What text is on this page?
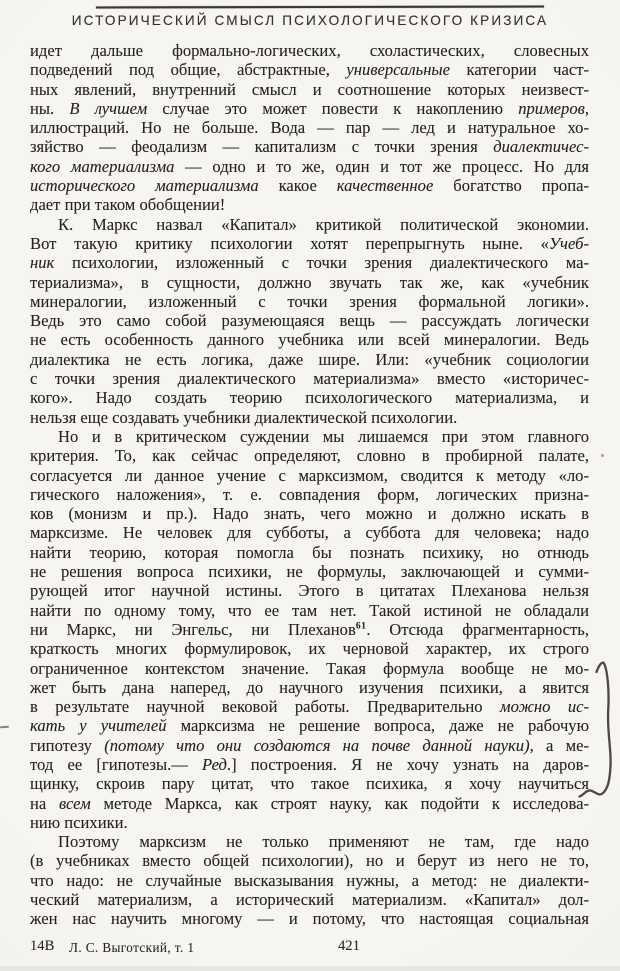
ИСТОРИЧЕСКИЙ СМЫСЛ ПСИХОЛОГИЧЕСКОГО КРИЗИСА
идет дальше формально-логических, схоластических, словесных
подведений под общие, абстрактные, универсальные категории част-
ных явлений, внутренний смысл и соотношение которых неизвест-
ны. В лучшем случае это может повести к накоплению примеров,
иллюстраций. Но не больше. Вода — пар — лед и натуральное хо-
зяйство — феодализм — капитализм с точки зрения диалектичес-
кого материализма — одно и то же, один и тот же процесс. Но для
исторического материализма какое качественное богатство пропа-
дает при таком обобщении!
К. Маркс назвал «Капитал» критикой политической экономии.
Вот такую критику психологии хотят перепрыгнуть ныне. «Учеб-
ник психологии, изложенный с точки зрения диалектического ма-
териализма», в сущности, должно звучать так же, как «учебник
минералогии, изложенный с точки зрения формальной логики».
Ведь это само собой разумеющаяся вещь — рассуждать логически
не есть особенность данного учебника или всей минералогии. Ведь
диалектика не есть логика, даже шире. Или: «учебник социологии
с точки зрения диалектического материализма» вместо «историчес-
кого». Надо создать теорию психологического материализма, и
нельзя еще создавать учебники диалектической психологии.
Но и в критическом суждении мы лишаемся при этом главного
критерия. То, как сейчас определяют, словно в пробирной палате,
согласуется ли данное учение с марксизмом, сводится к методу «ло-
гического наложения», т. е. совпадения форм, логических призна-
ков (монизм и пр.). Надо знать, чего можно и должно искать в
марксизме. Не человек для субботы, а суббота для человека; надо
найти теорию, которая помогла бы познать психику, но отнюдь
не решения вопроса психики, не формулы, заключающей и сумми-
рующей итог научной истины. Этого в цитатах Плеханова нельзя
найти по одному тому, что ее там нет. Такой истиной не обладали
ни Маркс, ни Энгельс, ни Плеханов$^{61}$. Отсюда фрагментарность,
краткость многих формулировок, их черновой характер, их строго
ограниченное контекстом значение. Такая формула вообще не мо-
жет быть дана наперед, до научного изучения психики, а явится
в результате научной вековой работы. Предварительно можно ис-
кать у учителей марксизма не решение вопроса, даже не рабочую
гипотезу (потому что они создаются на почве данной науки), а ме-
тод ее [гипотезы.— Ред.] построения. Я не хочу узнать на даров-
щинку, скроив пару цитат, что такое психика, я хочу научиться
на всем методе Маркса, как строят науку, как подойти к исследова-
нию психики.
Поэтому марксизм не только применяют не там, где надо
(в учебниках вместо общей психологии), но и берут из него не то,
что надо: не случайные высказывания нужны, а метод: не диалекти-
ческий материализм, а исторический материализм. «Капитал» дол-
жен нас научить многому — и потому, что настоящая социальная
14В Л. С. Выготский, т. 1	421
